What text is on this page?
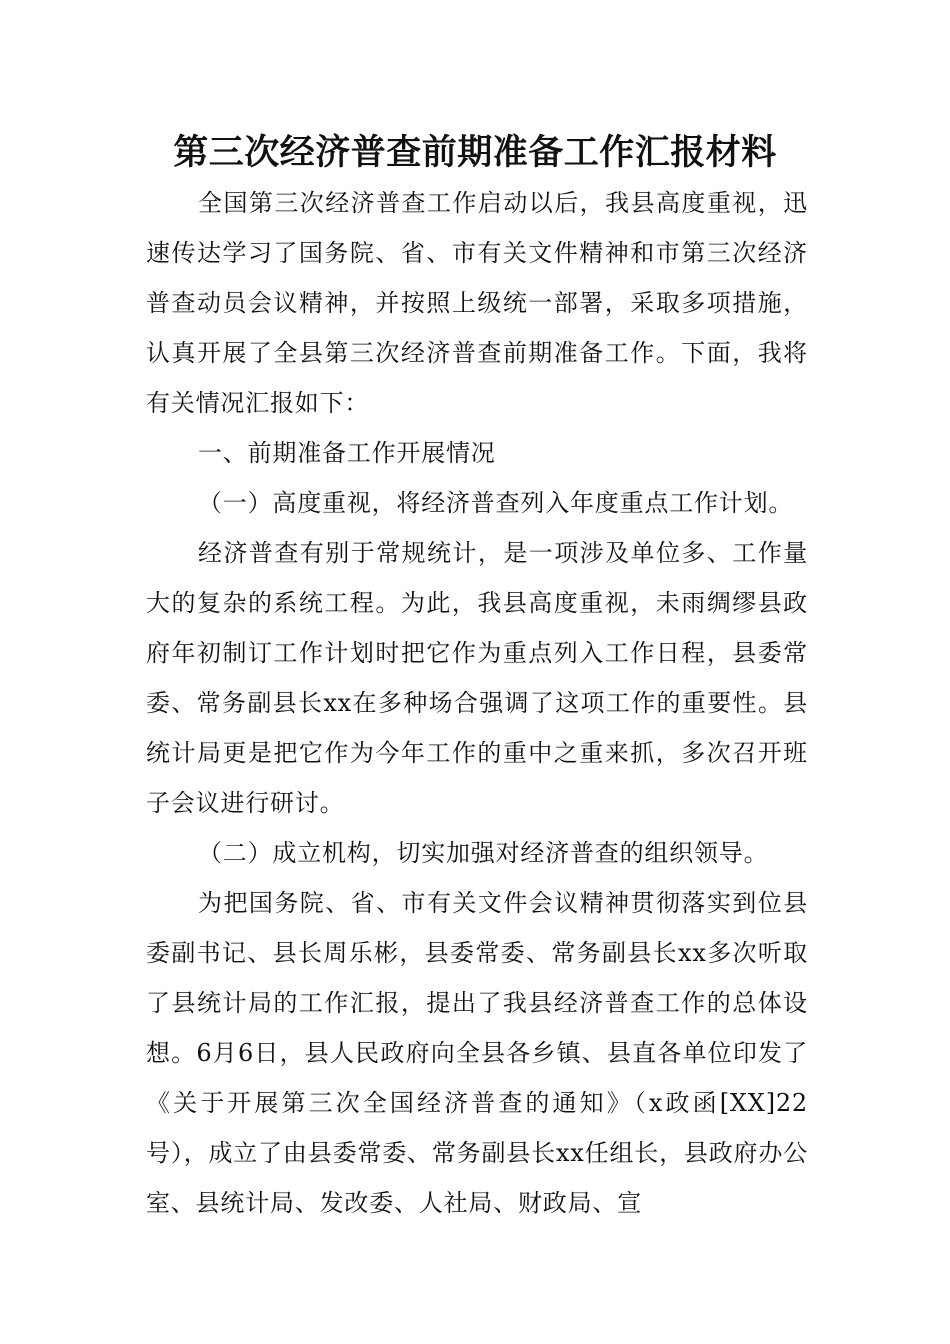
第三次经济普查前期准备工作汇报材料

全国第三次经济普查工作启动以后，我县高度重视，迅速传达学习了国务院、省、市有关文件精神和市第三次经济普查动员会议精神，并按照上级统一部署，采取多项措施，认真开展了全县第三次经济普查前期准备工作。下面，我将有关情况汇报如下：

一、前期准备工作开展情况

（一）高度重视，将经济普查列入年度重点工作计划。

经济普查有别于常规统计，是一项涉及单位多、工作量大的复杂的系统工程。为此，我县高度重视，未雨绸缪县政府年初制订工作计划时把它作为重点列入工作日程，县委常委、常务副县长xx在多种场合强调了这项工作的重要性。县统计局更是把它作为今年工作的重中之重来抓，多次召开班子会议进行研讨。

（二）成立机构，切实加强对经济普查的组织领导。

为把国务院、省、市有关文件会议精神贯彻落实到位县委副书记、县长周乐彬，县委常委、常务副县长xx多次听取了县统计局的工作汇报，提出了我县经济普查工作的总体设想。6月6日，县人民政府向全县各乡镇、县直各单位印发了《关于开展第三次全国经济普查的通知》（x政函[XX]22号），成立了由县委常委、常务副县长xx任组长，县政府办公室、县统计局、发改委、人社局、财政局、宣
